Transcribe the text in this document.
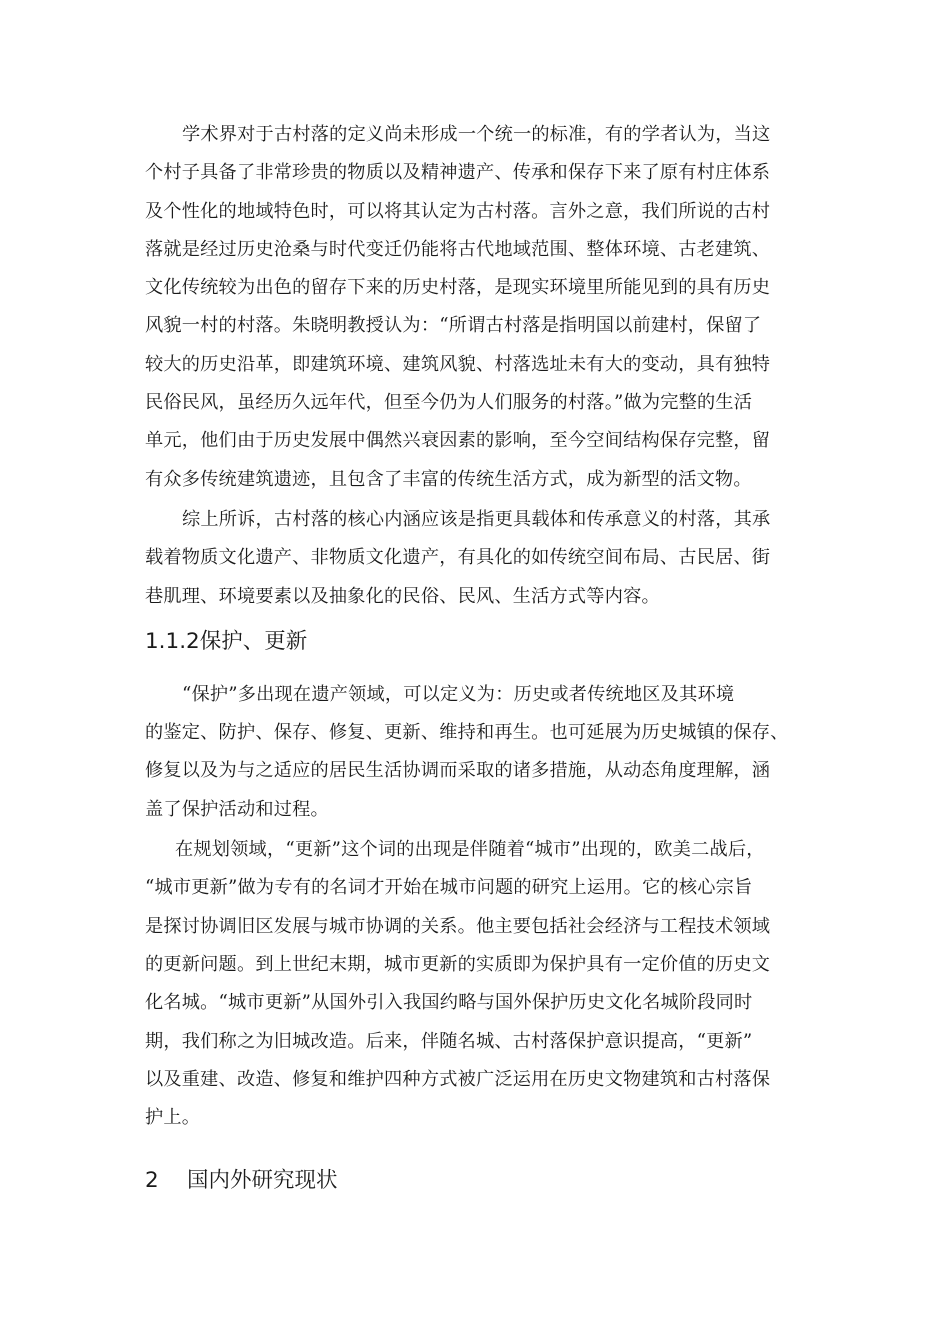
学术界对于古村落的定义尚未形成一个统一的标准，有的学者认为，当这
个村子具备了非常珍贵的物质以及精神遗产、传承和保存下来了原有村庄体系
及个性化的地域特色时，可以将其认定为古村落。言外之意，我们所说的古村
落就是经过历史沧桑与时代变迁仍能将古代地域范围、整体环境、古老建筑、
文化传统较为出色的留存下来的历史村落，是现实环境里所能见到的具有历史
风貌一村的村落。朱晓明教授认为：“所谓古村落是指明国以前建村，保留了
较大的历史沿革，即建筑环境、建筑风貌、村落选址未有大的变动，具有独特
民俗民风，虽经历久远年代，但至今仍为人们服务的村落。”做为完整的生活
单元，他们由于历史发展中偶然兴衰因素的影响，至今空间结构保存完整，留
有众多传统建筑遗迹，且包含了丰富的传统生活方式，成为新型的活文物。
综上所诉，古村落的核心内涵应该是指更具载体和传承意义的村落，其承
载着物质文化遗产、非物质文化遗产，有具化的如传统空间布局、古民居、街
巷肌理、环境要素以及抽象化的民俗、民风、生活方式等内容。
1.1.2保护、更新
“保护”多出现在遗产领域，可以定义为：历史或者传统地区及其环境
的鉴定、防护、保存、修复、更新、维持和再生。也可延展为历史城镇的保存、
修复以及为与之适应的居民生活协调而采取的诸多措施，从动态角度理解，涵
盖了保护活动和过程。
在规划领域，“更新”这个词的出现是伴随着“城市”出现的，欧美二战后，
“城市更新”做为专有的名词才开始在城市问题的研究上运用。它的核心宗旨
是探讨协调旧区发展与城市协调的关系。他主要包括社会经济与工程技术领域
的更新问题。到上世纪末期，城市更新的实质即为保护具有一定价值的历史文
化名城。“城市更新”从国外引入我国约略与国外保护历史文化名城阶段同时
期，我们称之为旧城改造。后来，伴随名城、古村落保护意识提高，“更新”
以及重建、改造、修复和维护四种方式被广泛运用在历史文物建筑和古村落保
护上。
2 国内外研究现状
